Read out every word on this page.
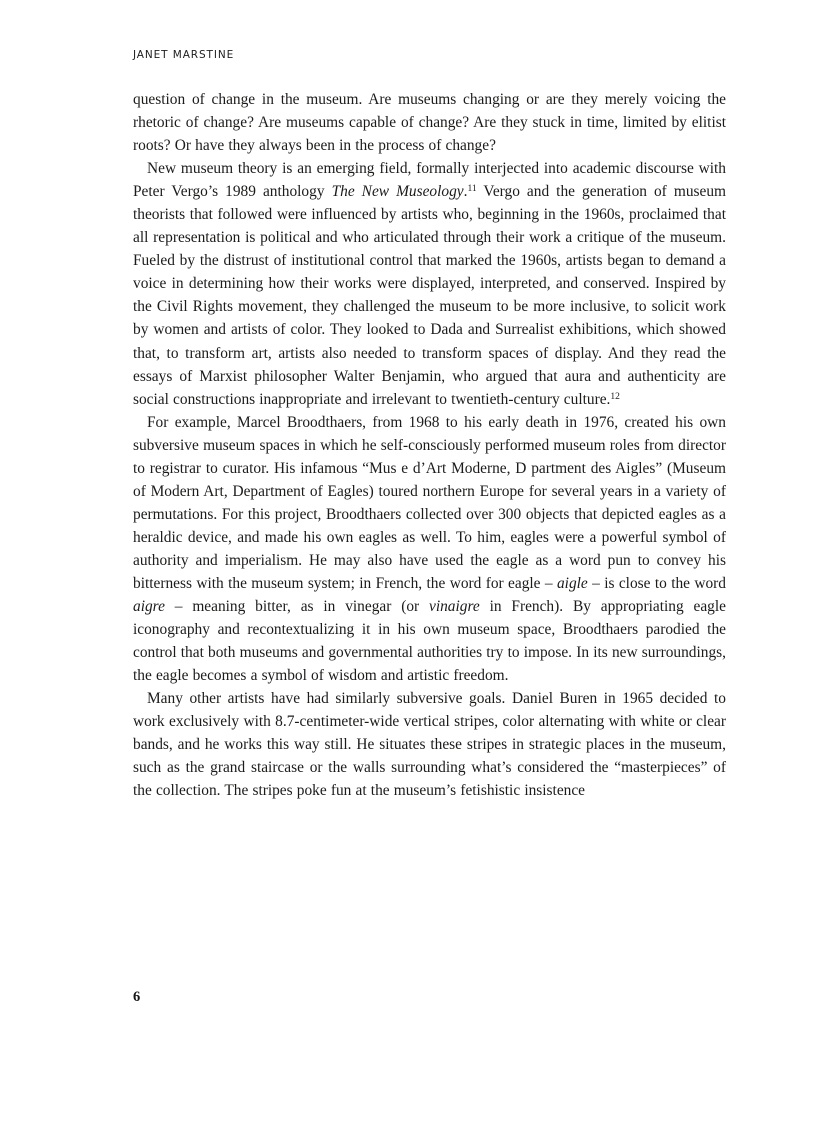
JANET MARSTINE

question of change in the museum. Are museums changing or are they merely voicing the rhetoric of change? Are museums capable of change? Are they stuck in time, limited by elitist roots? Or have they always been in the process of change?

New museum theory is an emerging field, formally interjected into academic discourse with Peter Vergo’s 1989 anthology The New Museology.$^{11}$ Vergo and the generation of museum theorists that followed were influenced by artists who, beginning in the 1960s, proclaimed that all representation is political and who articulated through their work a critique of the museum. Fueled by the distrust of institutional control that marked the 1960s, artists began to demand a voice in determining how their works were displayed, interpreted, and conserved. Inspired by the Civil Rights movement, they challenged the museum to be more inclusive, to solicit work by women and artists of color. They looked to Dada and Surrealist exhibitions, which showed that, to transform art, artists also needed to transform spaces of display. And they read the essays of Marxist philosopher Walter Benjamin, who argued that aura and authenticity are social constructions inappropriate and irrelevant to twentieth-century culture.$^{12}$

For example, Marcel Broodthaers, from 1968 to his early death in 1976, created his own subversive museum spaces in which he self-consciously performed museum roles from director to registrar to curator. His infamous “Mus e d’Art Moderne, D partment des Aigles” (Museum of Modern Art, Department of Eagles) toured northern Europe for several years in a variety of permutations. For this project, Broodthaers collected over 300 objects that depicted eagles as a heraldic device, and made his own eagles as well. To him, eagles were a powerful symbol of authority and imperialism. He may also have used the eagle as a word pun to convey his bitterness with the museum system; in French, the word for eagle – aigle – is close to the word aigre – meaning bitter, as in vinegar (or vinaigre in French). By appropriating eagle iconography and recontextualizing it in his own museum space, Broodthaers parodied the control that both museums and governmental authorities try to impose. In its new surroundings, the eagle becomes a symbol of wisdom and artistic freedom.

Many other artists have had similarly subversive goals. Daniel Buren in 1965 decided to work exclusively with 8.7-centimeter-wide vertical stripes, color alternating with white or clear bands, and he works this way still. He situates these stripes in strategic places in the museum, such as the grand staircase or the walls surrounding what’s considered the “masterpieces” of the collection. The stripes poke fun at the museum’s fetishistic insistence

6
